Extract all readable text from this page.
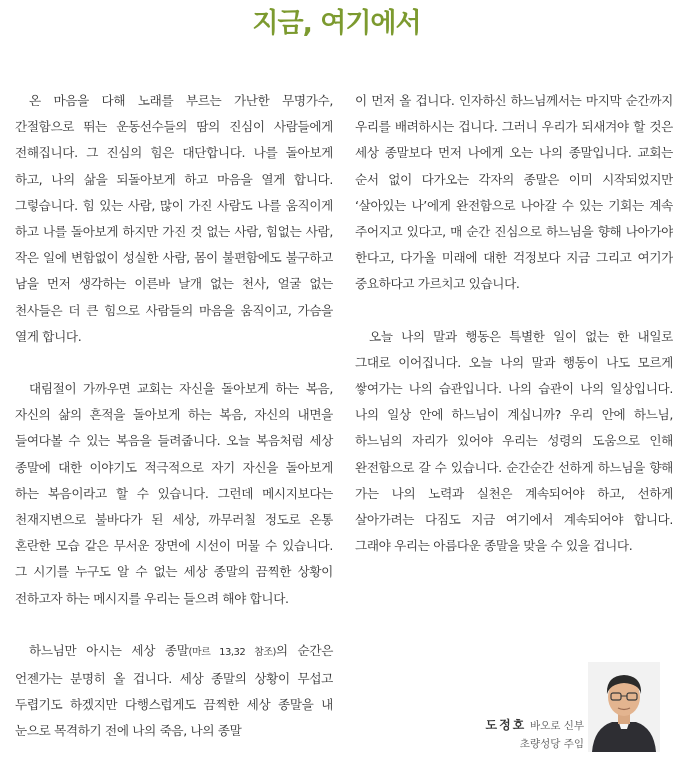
지금, 여기에서

온 마음을 다해 노래를 부르는 가난한 무명가수, 간절함으로 뛰는 운동선수들의 땀의 진심이 사람들에게 전해집니다. 그 진심의 힘은 대단합니다. 나를 돌아보게 하고, 나의 삶을 되돌아보게 하고 마음을 열게 합니다. 그렇습니다. 힘 있는 사람, 많이 가진 사람도 나를 움직이게 하고 나를 돌아보게 하지만 가진 것 없는 사람, 힘없는 사람, 작은 일에 변함없이 성실한 사람, 몸이 불편함에도 불구하고 남을 먼저 생각하는 이른바 날개 없는 천사, 얼굴 없는 천사들은 더 큰 힘으로 사람들의 마음을 움직이고, 가슴을 열게 합니다.

대림절이 가까우면 교회는 자신을 돌아보게 하는 복음, 자신의 삶의 흔적을 돌아보게 하는 복음, 자신의 내면을 들여다볼 수 있는 복음을 들려줍니다. 오늘 복음처럼 세상 종말에 대한 이야기도 적극적으로 자기 자신을 돌아보게 하는 복음이라고 할 수 있습니다. 그런데 메시지보다는 천재지변으로 불바다가 된 세상, 까무러칠 정도로 온통 혼란한 모습 같은 무서운 장면에 시선이 머물 수 있습니다. 그 시기를 누구도 알 수 없는 세상 종말의 끔찍한 상황이 전하고자 하는 메시지를 우리는 들으려 해야 합니다.

하느님만 아시는 세상 종말(마르 13,32 참조)의 순간은 언젠가는 분명히 올 겁니다. 세상 종말의 상황이 무섭고 두렵기도 하겠지만 다행스럽게도 끔찍한 세상 종말을 내 눈으로 목격하기 전에 나의 죽음, 나의 종말

이 먼저 올 겁니다. 인자하신 하느님께서는 마지막 순간까지 우리를 배려하시는 겁니다. 그러니 우리가 되새겨야 할 것은 세상 종말보다 먼저 나에게 오는 나의 종말입니다. 교회는 순서 없이 다가오는 각자의 종말은 이미 시작되었지만 ‘살아있는 나’에게 완전함으로 나아갈 수 있는 기회는 계속 주어지고 있다고, 매 순간 진심으로 하느님을 향해 나아가야 한다고, 다가올 미래에 대한 걱정보다 지금 그리고 여기가 중요하다고 가르치고 있습니다.

오늘 나의 말과 행동은 특별한 일이 없는 한 내일로 그대로 이어집니다. 오늘 나의 말과 행동이 나도 모르게 쌓여가는 나의 습관입니다. 나의 습관이 나의 일상입니다. 나의 일상 안에 하느님이 계십니까? 우리 안에 하느님, 하느님의 자리가 있어야 우리는 성령의 도움으로 인해 완전함으로 갈 수 있습니다. 순간순간 선하게 하느님을 향해 가는 나의 노력과 실천은 계속되어야 하고, 선하게 살아가려는 다짐도 지금 여기에서 계속되어야 합니다. 그래야 우리는 아름다운 종말을 맞을 수 있을 겁니다.

도정호 바오로 신부
초량성당 주임
